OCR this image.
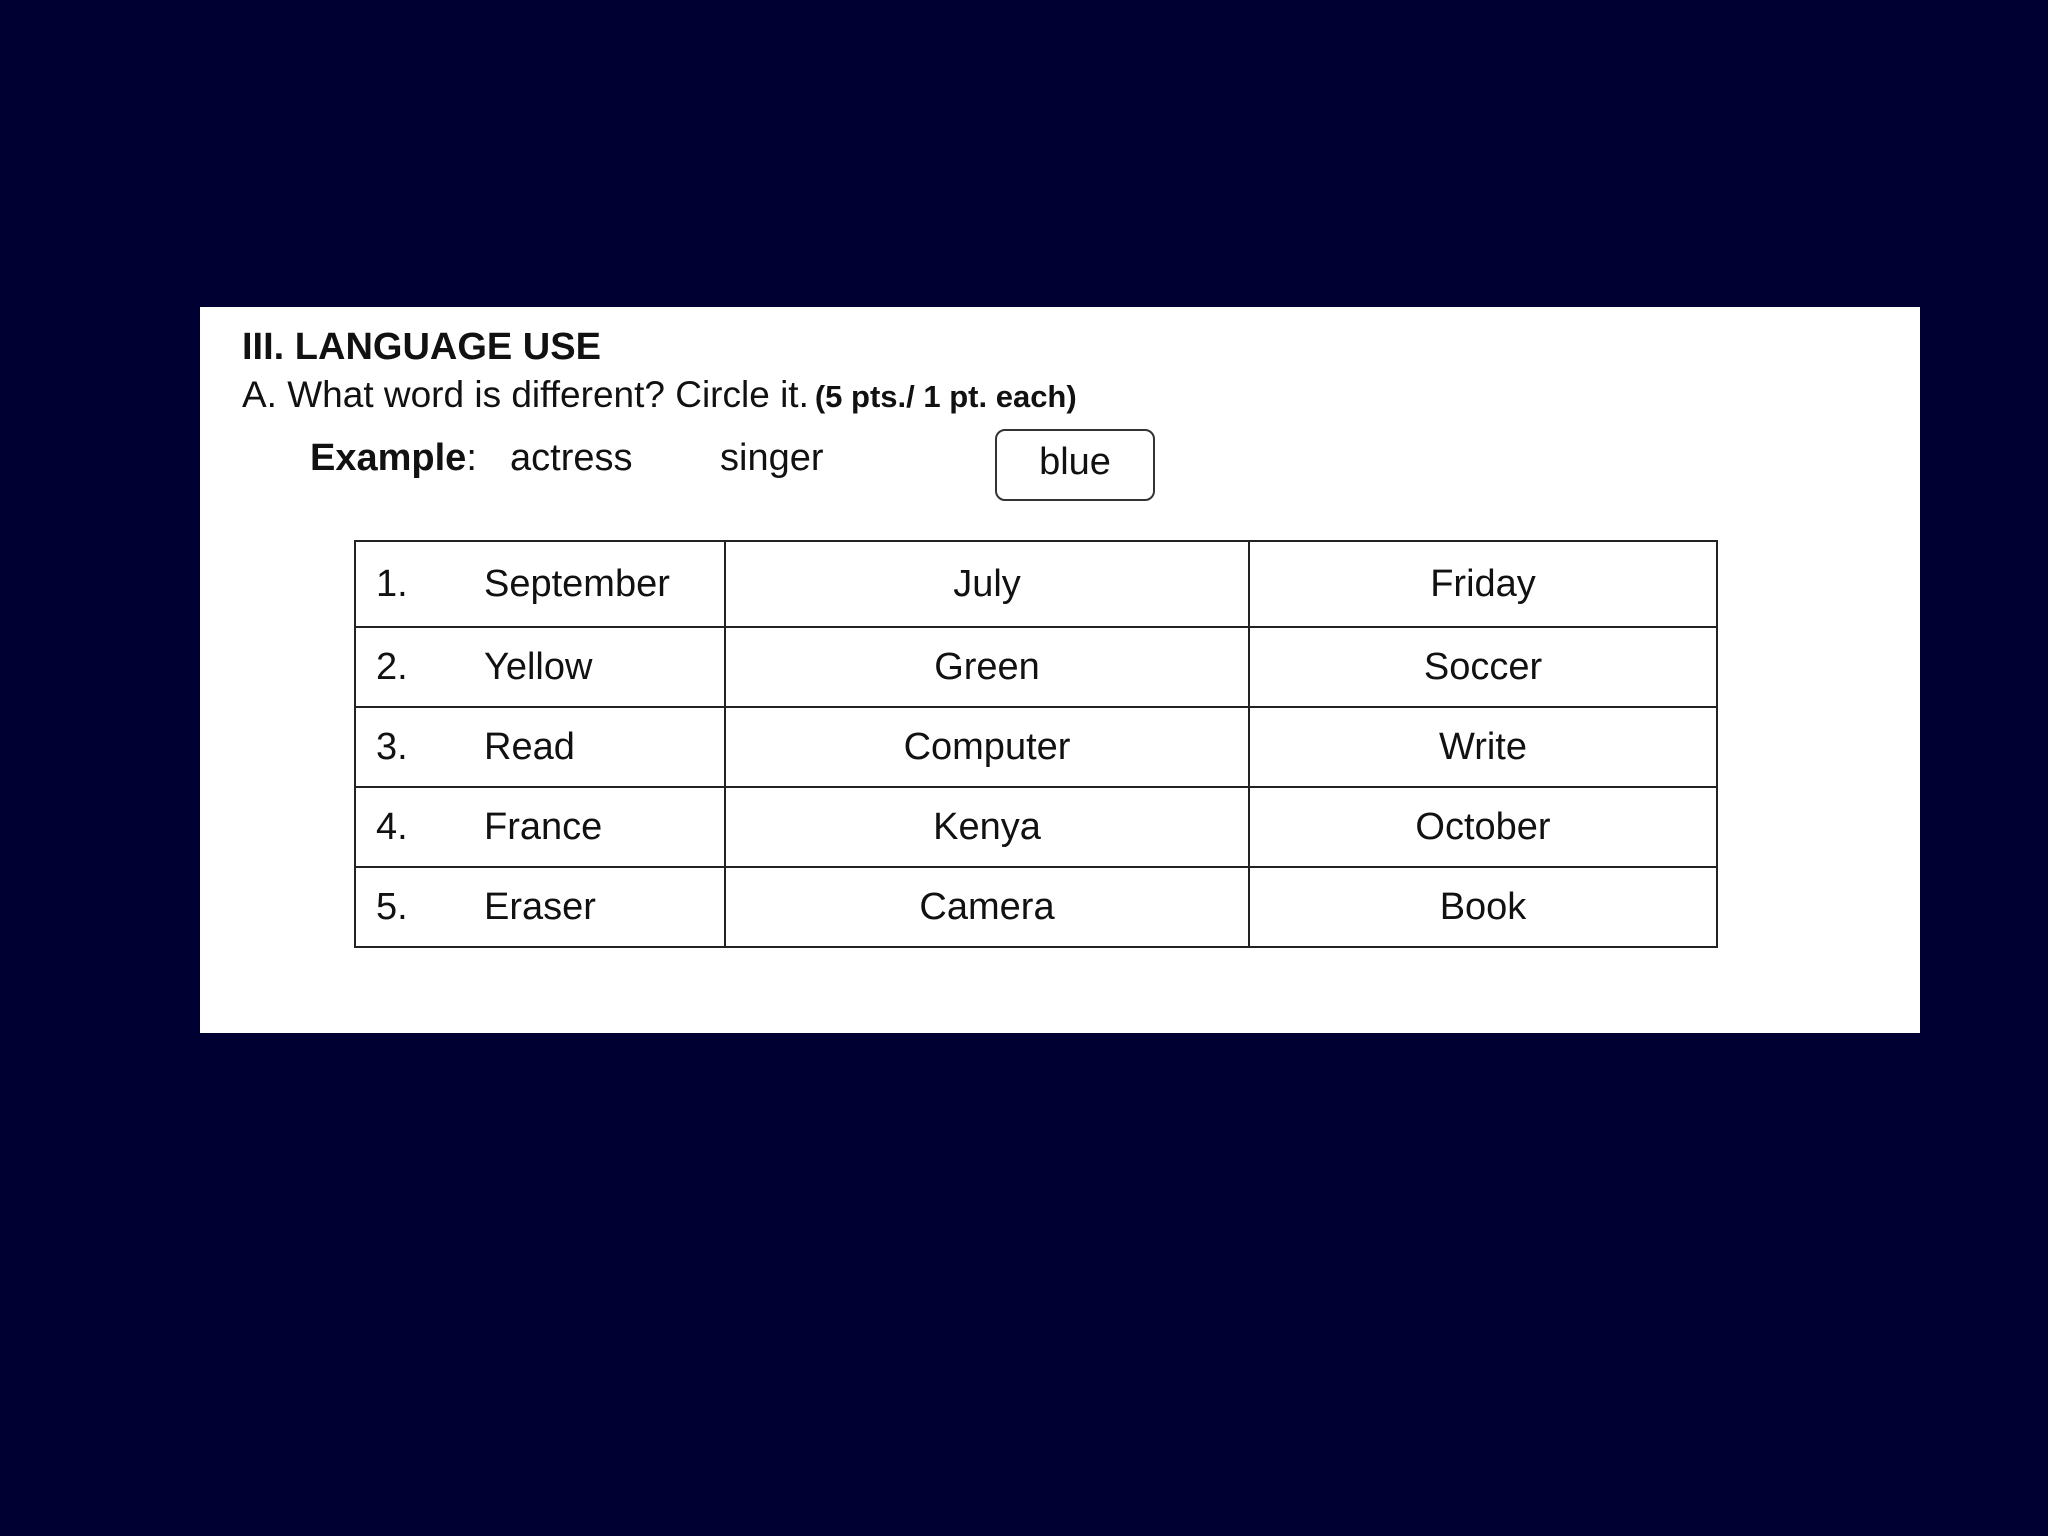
III. LANGUAGE USE
A. What word is different? Circle it. (5 pts./ 1 pt. each)
Example: actress singer	blue
1. September	July	Friday
2. Yellow	Green	Soccer
3. Read	Computer	Write
4. France	Kenya	October
5. Eraser	Camera	Book
